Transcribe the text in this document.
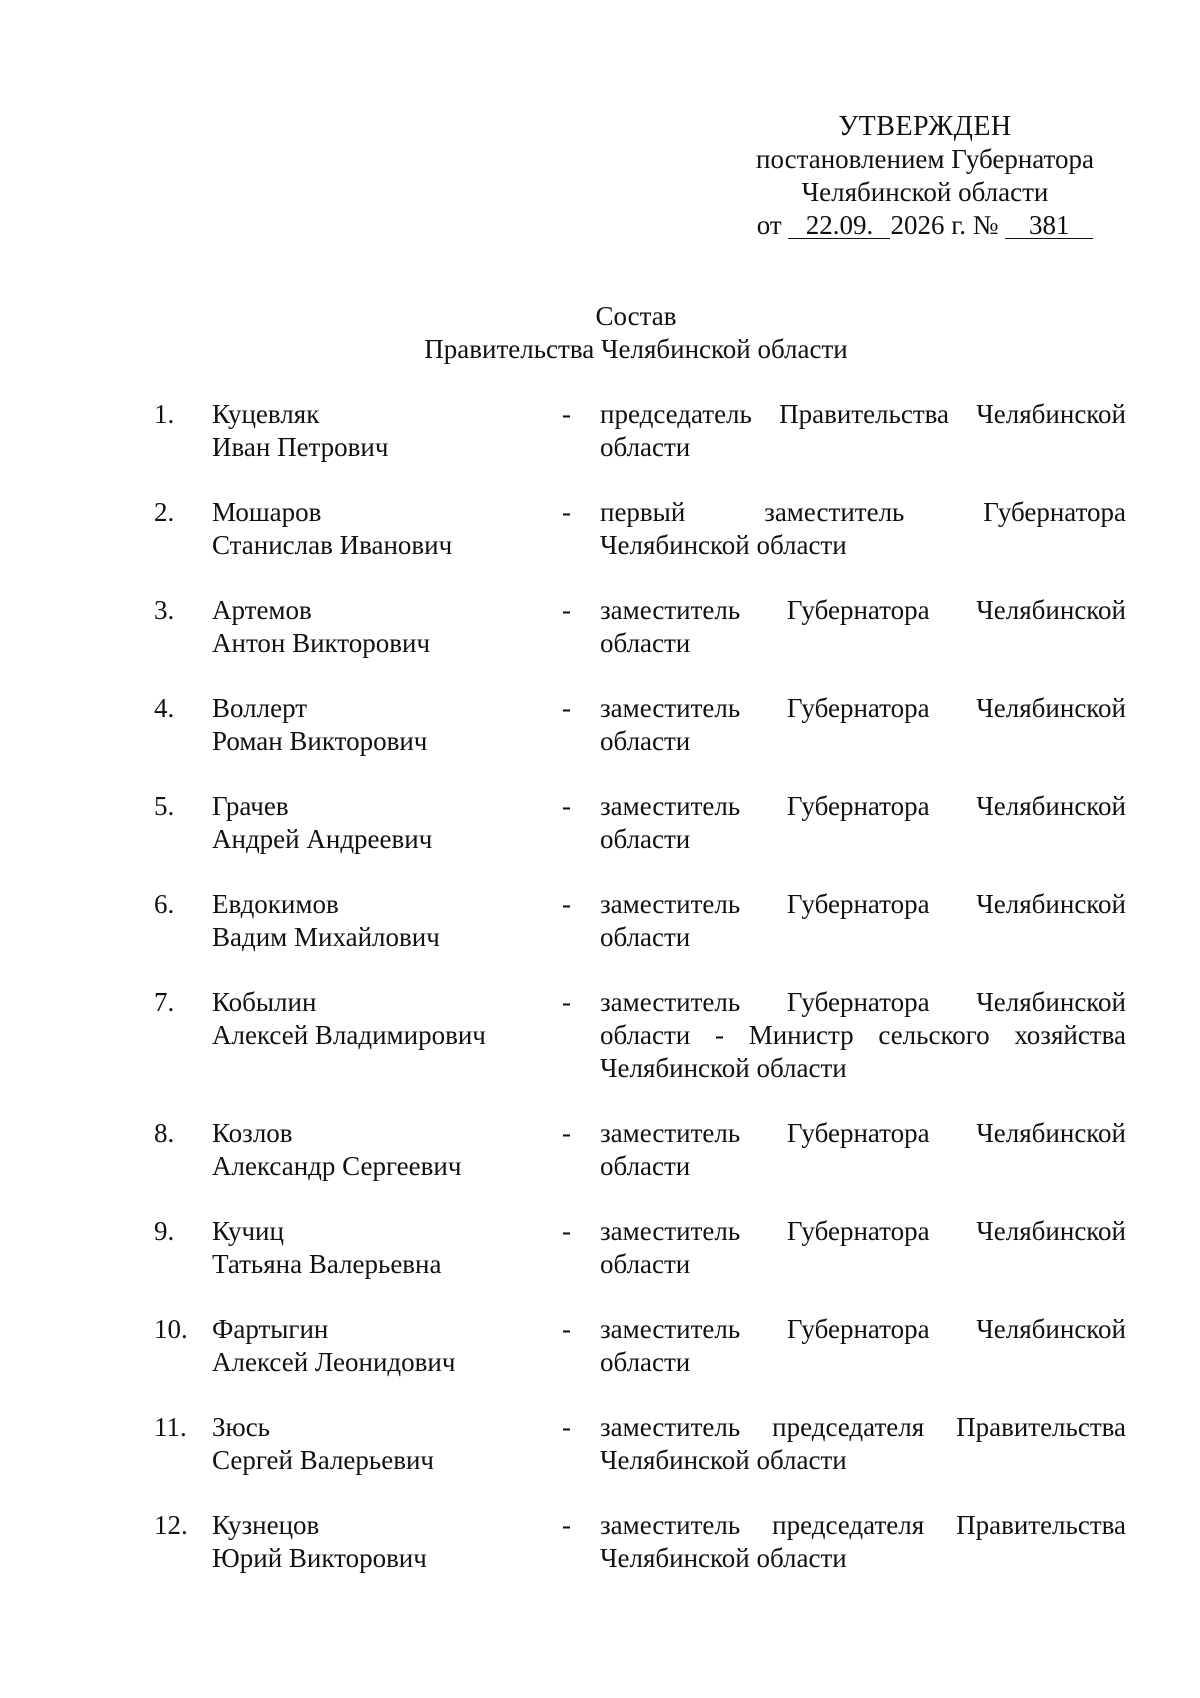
УТВЕРЖДЕН
постановлением Губернатора
Челябинской области
от 22.09. 2026 г. № 381
Состав
Правительства Челябинской области
1. Куцевляк
Иван Петрович
- председатель Правительства Челябинской области
2. Мошаров
Станислав Иванович
- первый заместитель Губернатора Челябинской области
3. Артемов
Антон Викторович
- заместитель Губернатора Челябинской области
4. Воллерт
Роман Викторович
- заместитель Губернатора Челябинской области
5. Грачев
Андрей Андреевич
- заместитель Губернатора Челябинской области
6. Евдокимов
Вадим Михайлович
- заместитель Губернатора Челябинской области
7. Кобылин
Алексей Владимирович
- заместитель Губернатора Челябинской области - Министр сельского хозяйства Челябинской области
8. Козлов
Александр Сергеевич
- заместитель Губернатора Челябинской области
9. Кучиц
Татьяна Валерьевна
- заместитель Губернатора Челябинской области
10. Фартыгин
Алексей Леонидович
- заместитель Губернатора Челябинской области
11. Зюсь
Сергей Валерьевич
- заместитель председателя Правительства Челябинской области
12. Кузнецов
Юрий Викторович
- заместитель председателя Правительства Челябинской области
